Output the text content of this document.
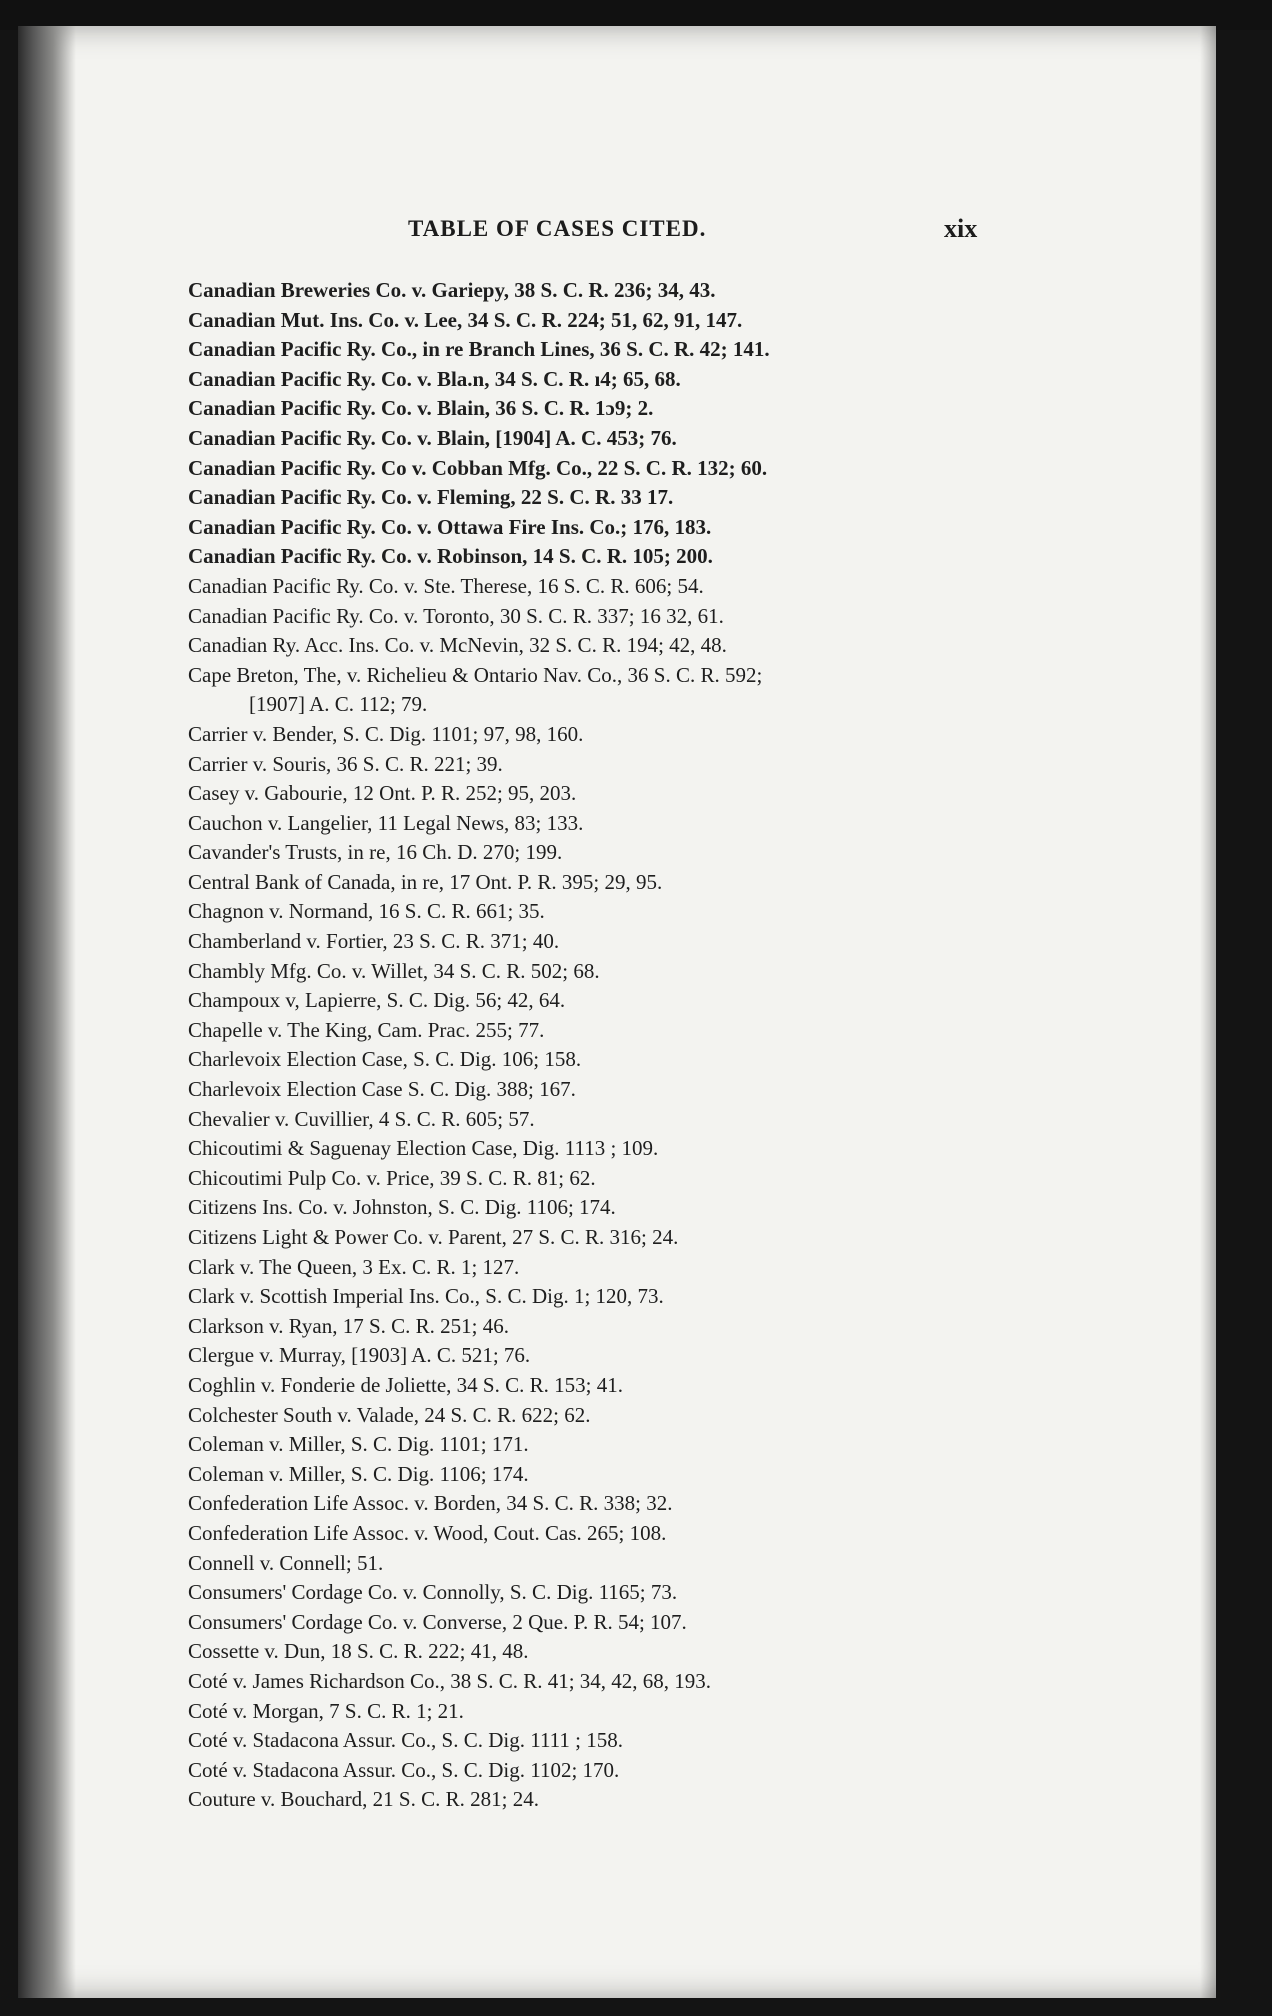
TABLE OF CASES CITED.	xix
Canadian Breweries Co. v. Gariepy, 38 S. C. R. 236; 34, 43.
Canadian Mut. Ins. Co. v. Lee, 34 S. C. R. 224; 51, 62, 91, 147.
Canadian Pacific Ry. Co., in re Branch Lines, 36 S. C. R. 42; 141.
Canadian Pacific Ry. Co. v. Bla.n, 34 S. C. R. ı4; 65, 68.
Canadian Pacific Ry. Co. v. Blain, 36 S. C. R. 1ɔ9; 2.
Canadian Pacific Ry. Co. v. Blain, [1904] A. C. 453; 76.
Canadian Pacific Ry. Co v. Cobban Mfg. Co., 22 S. C. R. 132; 60.
Canadian Pacific Ry. Co. v. Fleming, 22 S. C. R. 33 17.
Canadian Pacific Ry. Co. v. Ottawa Fire Ins. Co.; 176, 183.
Canadian Pacific Ry. Co. v. Robinson, 14 S. C. R. 105; 200.
Canadian Pacific Ry. Co. v. Ste. Therese, 16 S. C. R. 606; 54.
Canadian Pacific Ry. Co. v. Toronto, 30 S. C. R. 337; 16 32, 61.
Canadian Ry. Acc. Ins. Co. v. McNevin, 32 S. C. R. 194; 42, 48.
Cape Breton, The, v. Richelieu & Ontario Nav. Co., 36 S. C. R. 592;
[1907] A. C. 112; 79.
Carrier v. Bender, S. C. Dig. 1101; 97, 98, 160.
Carrier v. Souris, 36 S. C. R. 221; 39.
Casey v. Gabourie, 12 Ont. P. R. 252; 95, 203.
Cauchon v. Langelier, 11 Legal News, 83; 133.
Cavander's Trusts, in re, 16 Ch. D. 270; 199.
Central Bank of Canada, in re, 17 Ont. P. R. 395; 29, 95.
Chagnon v. Normand, 16 S. C. R. 661; 35.
Chamberland v. Fortier, 23 S. C. R. 371; 40.
Chambly Mfg. Co. v. Willet, 34 S. C. R. 502; 68.
Champoux v, Lapierre, S. C. Dig. 56; 42, 64.
Chapelle v. The King, Cam. Prac. 255; 77.
Charlevoix Election Case, S. C. Dig. 106; 158.
Charlevoix Election Case S. C. Dig. 388; 167.
Chevalier v. Cuvillier, 4 S. C. R. 605; 57.
Chicoutimi & Saguenay Election Case, Dig. 1113 ; 109.
Chicoutimi Pulp Co. v. Price, 39 S. C. R. 81; 62.
Citizens Ins. Co. v. Johnston, S. C. Dig. 1106; 174.
Citizens Light & Power Co. v. Parent, 27 S. C. R. 316; 24.
Clark v. The Queen, 3 Ex. C. R. 1; 127.
Clark v. Scottish Imperial Ins. Co., S. C. Dig. 1; 120, 73.
Clarkson v. Ryan, 17 S. C. R. 251; 46.
Clergue v. Murray, [1903] A. C. 521; 76.
Coghlin v. Fonderie de Joliette, 34 S. C. R. 153; 41.
Colchester South v. Valade, 24 S. C. R. 622; 62.
Coleman v. Miller, S. C. Dig. 1101; 171.
Coleman v. Miller, S. C. Dig. 1106; 174.
Confederation Life Assoc. v. Borden, 34 S. C. R. 338; 32.
Confederation Life Assoc. v. Wood, Cout. Cas. 265; 108.
Connell v. Connell; 51.
Consumers' Cordage Co. v. Connolly, S. C. Dig. 1165; 73.
Consumers' Cordage Co. v. Converse, 2 Que. P. R. 54; 107.
Cossette v. Dun, 18 S. C. R. 222; 41, 48.
Coté v. James Richardson Co., 38 S. C. R. 41; 34, 42, 68, 193.
Coté v. Morgan, 7 S. C. R. 1; 21.
Coté v. Stadacona Assur. Co., S. C. Dig. 1111 ; 158.
Coté v. Stadacona Assur. Co., S. C. Dig. 1102; 170.
Couture v. Bouchard, 21 S. C. R. 281; 24.
